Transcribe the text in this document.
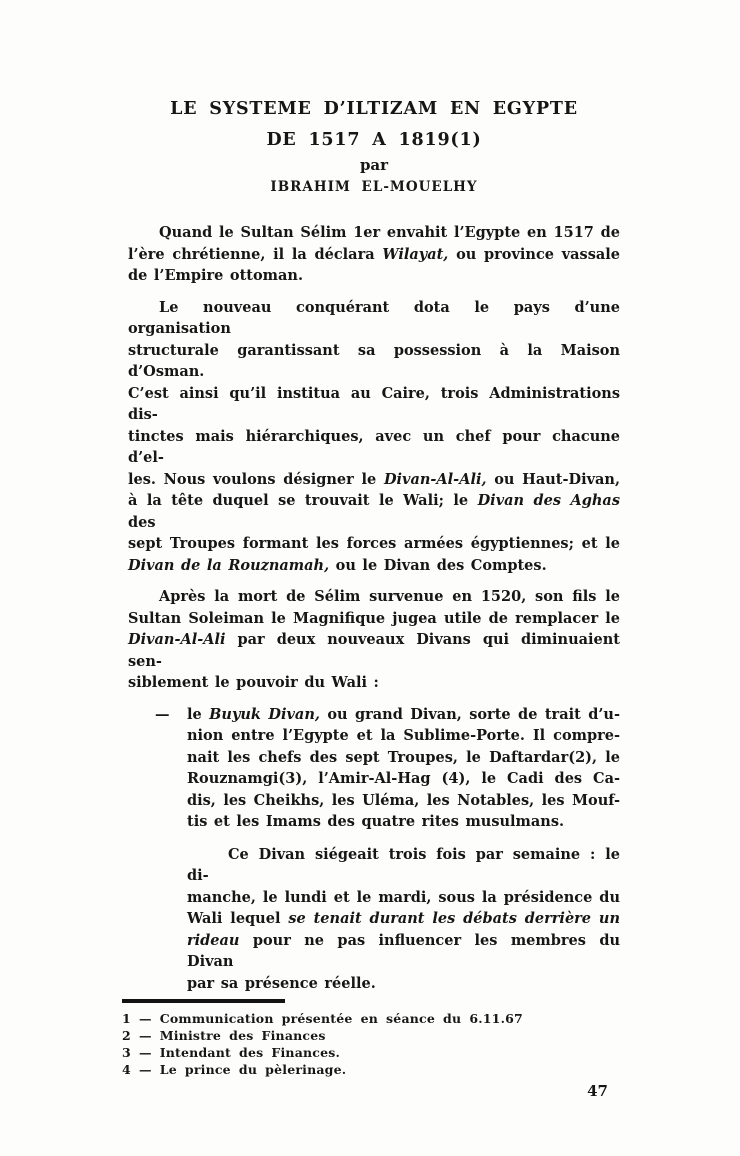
LE SYSTEME D’ILTIZAM EN EGYPTE
DE 1517 A 1819(1)
par
IBRAHIM EL-MOUELHY
Quand le Sultan Sélim 1er envahit l’Egypte en 1517 de
l’ère chrétienne, il la déclara Wilayat, ou province vassale
de l’Empire ottoman.
Le nouveau conquérant dota le pays d’une organisation
structurale garantissant sa possession à la Maison d’Osman.
C’est ainsi qu’il institua au Caire, trois Administrations dis-
tinctes mais hiérarchiques, avec un chef pour chacune d’el-
les. Nous voulons désigner le Divan-Al-Ali, ou Haut-Divan,
à la tête duquel se trouvait le Wali; le Divan des Aghas des
sept Troupes formant les forces armées égyptiennes; et le
Divan de la Rouznamah, ou le Divan des Comptes.
Après la mort de Sélim survenue en 1520, son fils le
Sultan Soleiman le Magnifique jugea utile de remplacer le
Divan-Al-Ali par deux nouveaux Divans qui diminuaient sen-
siblement le pouvoir du Wali :
—	le Buyuk Divan, ou grand Divan, sorte de trait d’u-
nion entre l’Egypte et la Sublime-Porte. Il compre-
nait les chefs des sept Troupes, le Daftardar(2), le
Rouznamgi(3), l’Amir-Al-Hag (4), le Cadi des Ca-
dis, les Cheikhs, les Uléma, les Notables, les Mouf-
tis et les Imams des quatre rites musulmans.
Ce Divan siégeait trois fois par semaine : le di-
manche, le lundi et le mardi, sous la présidence du
Wali lequel se tenait durant les débats derrière un
rideau pour ne pas influencer les membres du Divan
par sa présence réelle.
1 — Communication présentée en séance du 6.11.67
2 — Ministre des Finances
3 — Intendant des Finances.
4 — Le prince du pèlerinage.
47
